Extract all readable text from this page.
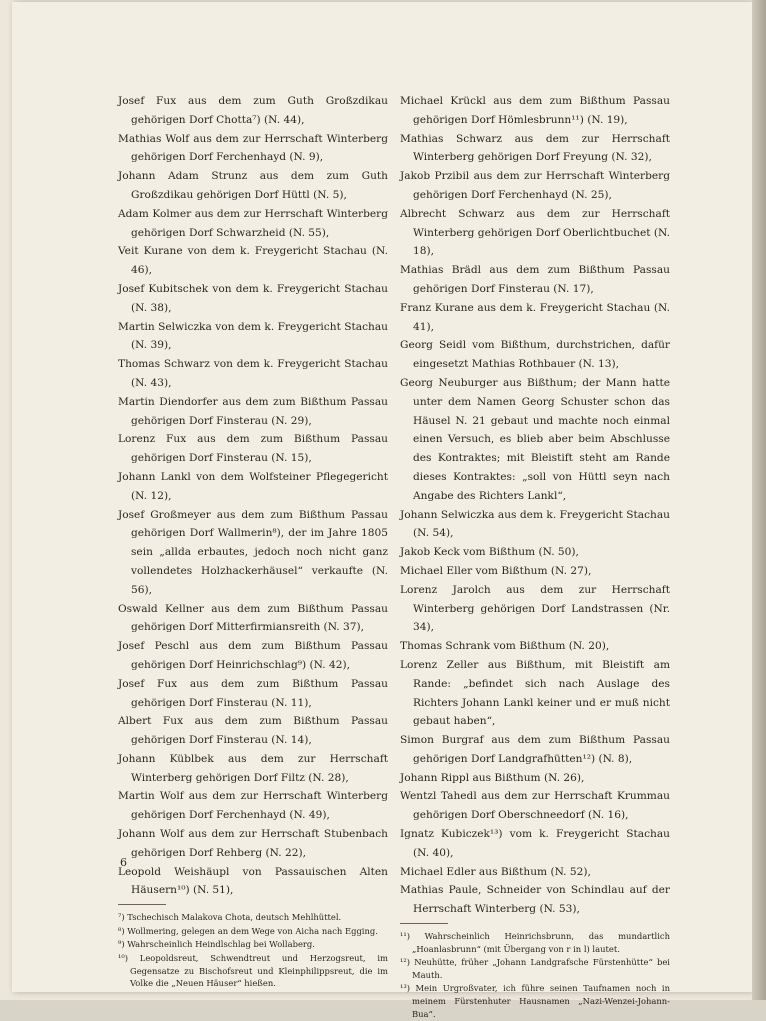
Josef Fux aus dem zum Guth Großzdikau gehörigen Dorf Chotta⁷) (N. 44),

Mathias Wolf aus dem zur Herrschaft Winterberg gehörigen Dorf Ferchenhayd (N. 9),

Johann Adam Strunz aus dem zum Guth Großzdikau gehörigen Dorf Hüttl (N. 5),

Adam Kolmer aus dem zur Herrschaft Winterberg gehörigen Dorf Schwarzheid (N. 55),

Veit Kurane von dem k. Freygericht Stachau (N. 46),

Josef Kubitschek von dem k. Freygericht Stachau (N. 38),

Martin Selwiczka von dem k. Freygericht Stachau (N. 39),

Thomas Schwarz von dem k. Freygericht Stachau (N. 43),

Martin Diendorfer aus dem zum Bißthum Passau gehörigen Dorf Finsterau (N. 29),

Lorenz Fux aus dem zum Bißthum Passau gehörigen Dorf Finsterau (N. 15),

Johann Lankl von dem Wolfsteiner Pflegegericht (N. 12),

Josef Großmeyer aus dem zum Bißthum Passau gehörigen Dorf Wallmerin⁸), der im Jahre 1805 sein „allda erbautes, jedoch noch nicht ganz vollendetes Holzhackerhäusel“ verkaufte (N. 56),

Oswald Kellner aus dem zum Bißthum Passau gehörigen Dorf Mitterfirmiansreith (N. 37),

Josef Peschl aus dem zum Bißthum Passau gehörigen Dorf Heinrichschlag⁹) (N. 42),

Josef Fux aus dem zum Bißthum Passau gehörigen Dorf Finsterau (N. 11),

Albert Fux aus dem zum Bißthum Passau gehörigen Dorf Finsterau (N. 14),

Johann Küblbek aus dem zur Herrschaft Winterberg gehörigen Dorf Filtz (N. 28),

Martin Wolf aus dem zur Herrschaft Winterberg gehörigen Dorf Ferchenhayd (N. 49),

Johann Wolf aus dem zur Herrschaft Stubenbach gehörigen Dorf Rehberg (N. 22),

Leopold Weishäupl von Passauischen Alten Häusern¹⁰) (N. 51),

⁷) Tschechisch Malakova Chota, deutsch Mehlhüttel.

⁸) Wollmering, gelegen an dem Wege von Aicha nach Egging.

⁹) Wahrscheinlich Heindlschlag bei Wollaberg.

¹⁰) Leopoldsreut, Schwendtreut und Herzogsreut, im Gegensatze zu Bischofsreut und Kleinphilippsreut, die im Volke die „Neuen Häuser“ hießen.

Michael Krückl aus dem zum Bißthum Passau gehörigen Dorf Hömlesbrunn¹¹) (N. 19),

Mathias Schwarz aus dem zur Herrschaft Winterberg gehörigen Dorf Freyung (N. 32),

Jakob Przibil aus dem zur Herrschaft Winterberg gehörigen Dorf Ferchenhayd (N. 25),

Albrecht Schwarz aus dem zur Herrschaft Winterberg gehörigen Dorf Oberlichtbuchet (N. 18),

Mathias Brädl aus dem zum Bißthum Passau gehörigen Dorf Finsterau (N. 17),

Franz Kurane aus dem k. Freygericht Stachau (N. 41),

Georg Seidl vom Bißthum, durchstrichen, dafür eingesetzt Mathias Rothbauer (N. 13),

Georg Neuburger aus Bißthum; der Mann hatte unter dem Namen Georg Schuster schon das Häusel N. 21 gebaut und machte noch einmal einen Versuch, es blieb aber beim Abschlusse des Kontraktes; mit Bleistift steht am Rande dieses Kontraktes: „soll von Hüttl seyn nach Angabe des Richters Lankl“,

Johann Selwiczka aus dem k. Freygericht Stachau (N. 54),

Jakob Keck vom Bißthum (N. 50),

Michael Eller vom Bißthum (N. 27),

Lorenz Jarolch aus dem zur Herrschaft Winterberg gehörigen Dorf Landstrassen (Nr. 34),

Thomas Schrank vom Bißthum (N. 20),

Lorenz Zeller aus Bißthum, mit Bleistift am Rande: „befindet sich nach Auslage des Richters Johann Lankl keiner und er muß nicht gebaut haben“,

Simon Burgraf aus dem zum Bißthum Passau gehörigen Dorf Landgrafhütten¹²) (N. 8),

Johann Rippl aus Bißthum (N. 26),

Wentzl Tahedl aus dem zur Herrschaft Krummau gehörigen Dorf Oberschneedorf (N. 16),

Ignatz Kubiczek¹³) vom k. Freygericht Stachau (N. 40),

Michael Edler aus Bißthum (N. 52),

Mathias Paule, Schneider von Schindlau auf der Herrschaft Winterberg (N. 53),

¹¹) Wahrscheinlich Heinrichsbrunn, das mundartlich „Hoanlasbrunn“ (mit Übergang von r in l) lautet.

¹²) Neuhütte, früher „Johann Landgrafsche Fürstenhütte“ bei Mauth.

¹³) Mein Urgroßvater, ich führe seinen Taufnamen noch in meinem Fürstenhuter Hausnamen „Nazi-Wenzei-Johann-Bua“.

6
